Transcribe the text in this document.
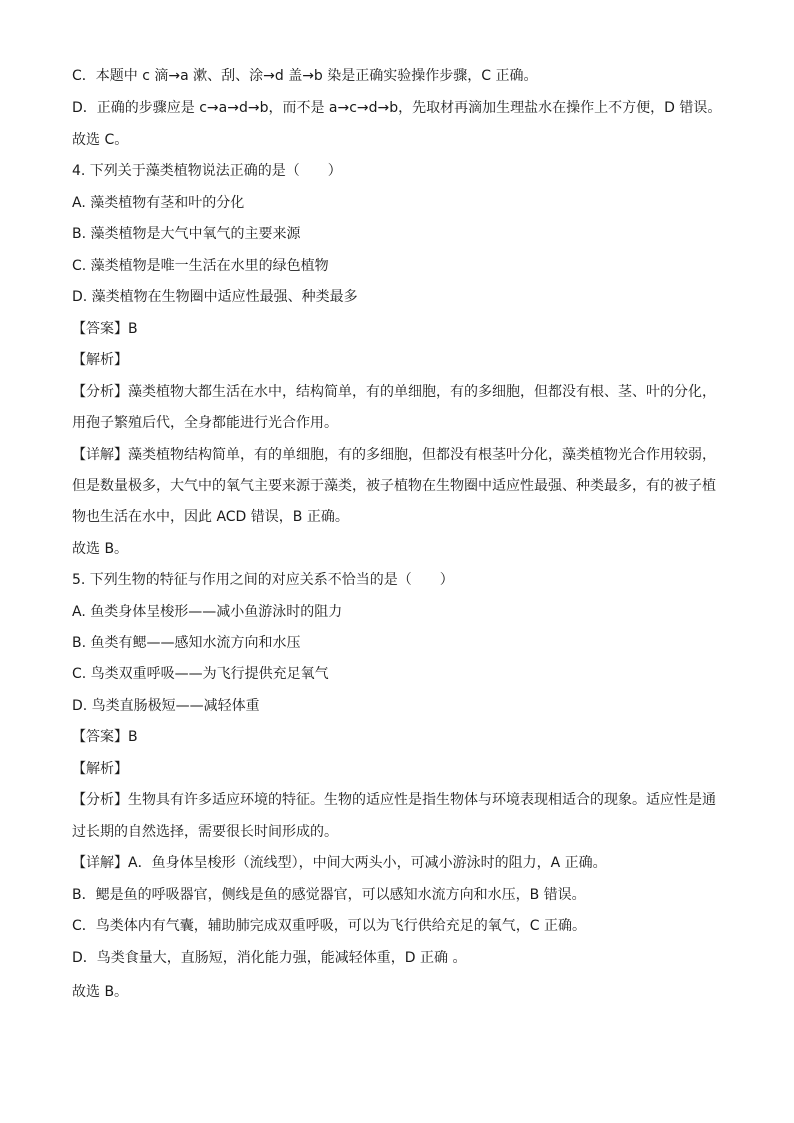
C．本题中 c 滴→a 漱、刮、涂→d 盖→b 染是正确实验操作步骤，C 正确。

D．正确的步骤应是 c→a→d→b，而不是 a→c→d→b，先取材再滴加生理盐水在操作上不方便，D 错误。

故选 C。

4. 下列关于藻类植物说法正确的是（　　）

A. 藻类植物有茎和叶的分化

B. 藻类植物是大气中氧气的主要来源

C. 藻类植物是唯一生活在水里的绿色植物

D. 藻类植物在生物圈中适应性最强、种类最多

【答案】B

【解析】

【分析】藻类植物大都生活在水中，结构简单，有的单细胞，有的多细胞，但都没有根、茎、叶的分化，

用孢子繁殖后代，全身都能进行光合作用。

【详解】藻类植物结构简单，有的单细胞，有的多细胞，但都没有根茎叶分化，藻类植物光合作用较弱，

但是数量极多，大气中的氧气主要来源于藻类，被子植物在生物圈中适应性最强、种类最多，有的被子植

物也生活在水中，因此 ACD 错误，B 正确。

故选 B。

5. 下列生物的特征与作用之间的对应关系不恰当的是（　　）

A. 鱼类身体呈梭形——减小鱼游泳时的阻力

B. 鱼类有鳃——感知水流方向和水压

C. 鸟类双重呼吸——为飞行提供充足氧气

D. 鸟类直肠极短——减轻体重

【答案】B

【解析】

【分析】生物具有许多适应环境的特征。生物的适应性是指生物体与环境表现相适合的现象。适应性是通

过长期的自然选择，需要很长时间形成的。

【详解】A．鱼身体呈梭形（流线型），中间大两头小，可减小游泳时的阻力，A 正确。

B．鳃是鱼的呼吸器官，侧线是鱼的感觉器官，可以感知水流方向和水压，B 错误。

C．鸟类体内有气囊，辅助肺完成双重呼吸，可以为飞行供给充足的氧气，C 正确。

D．鸟类食量大，直肠短，消化能力强，能减轻体重，D 正确 。

故选 B。
